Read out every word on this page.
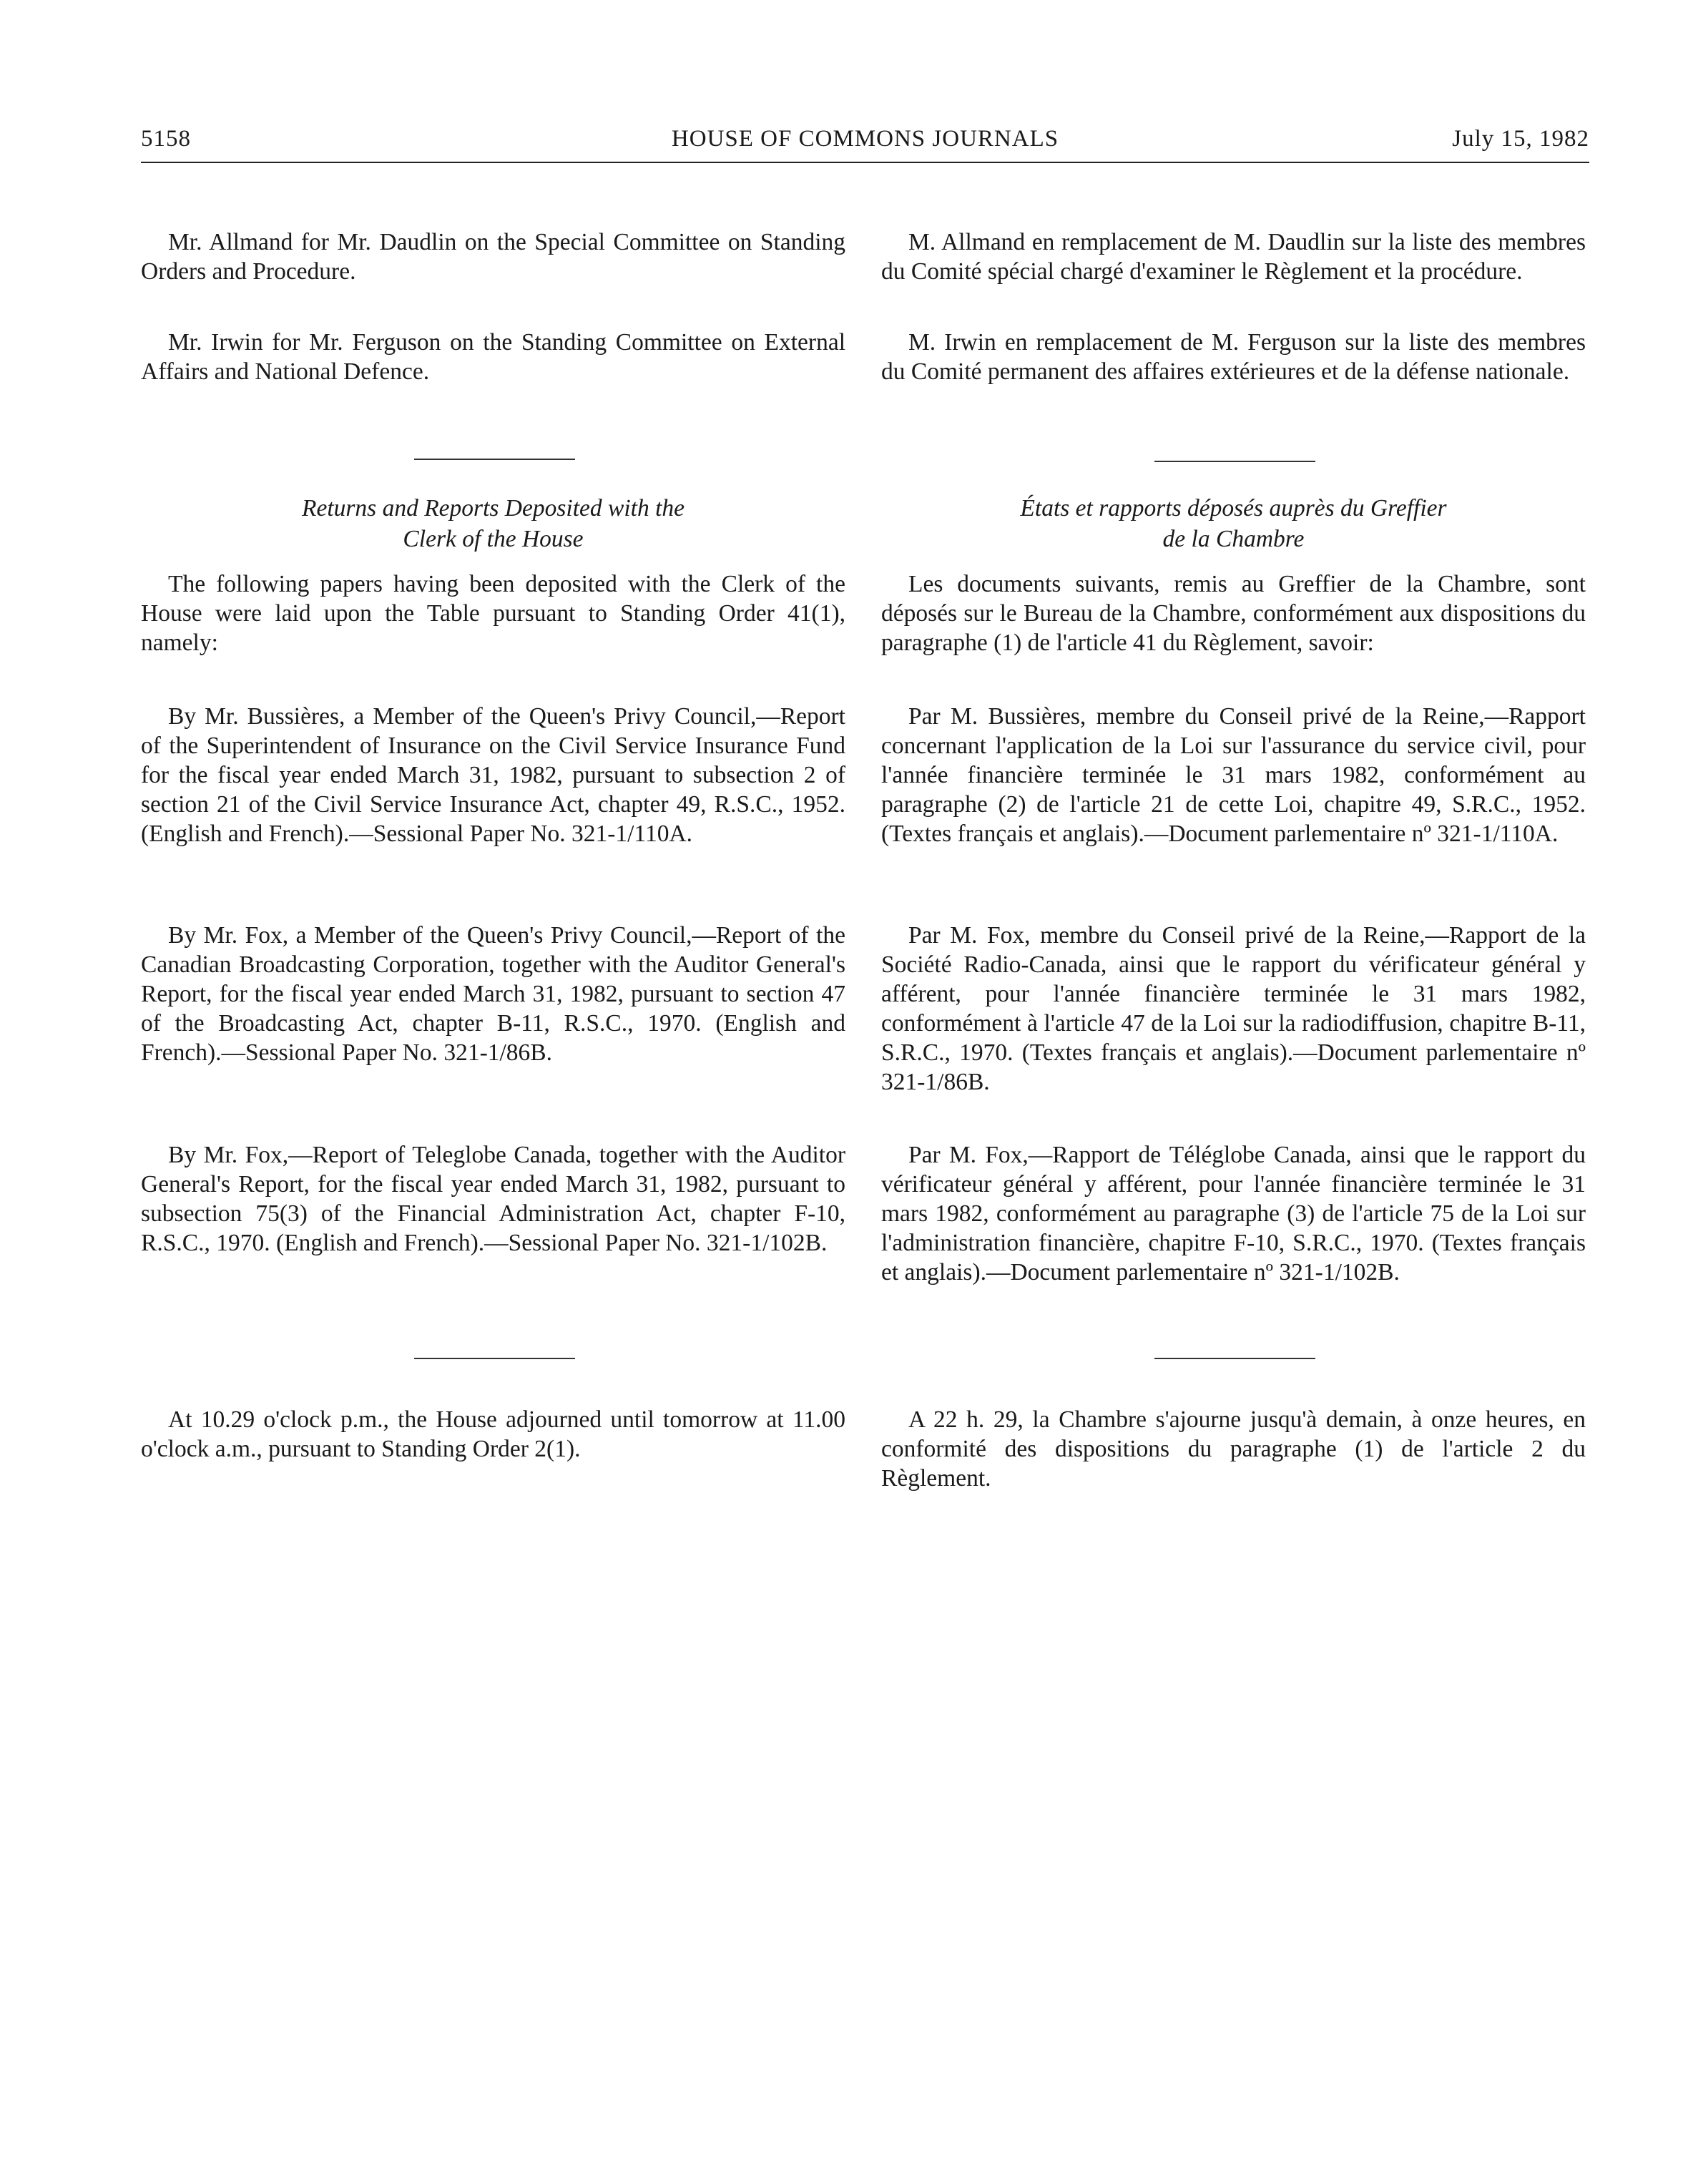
5158	HOUSE OF COMMONS JOURNALS	July 15, 1982

Mr. Allmand for Mr. Daudlin on the Special Committee on Standing Orders and Procedure.

Mr. Irwin for Mr. Ferguson on the Standing Committee on External Affairs and National Defence.

Returns and Reports Deposited with the

Clerk of the House

The following papers having been deposited with the Clerk of the House were laid upon the Table pursuant to Standing Order 41(1), namely:

By Mr. Bussières, a Member of the Queen's Privy Council,—Report of the Superintendent of Insurance on the Civil Service Insurance Fund for the fiscal year ended March 31, 1982, pursuant to subsection 2 of section 21 of the Civil Service Insurance Act, chapter 49, R.S.C., 1952. (English and French).—Sessional Paper No. 321-1/110A.

By Mr. Fox, a Member of the Queen's Privy Council,—Report of the Canadian Broadcasting Corporation, together with the Auditor General's Report, for the fiscal year ended March 31, 1982, pursuant to section 47 of the Broadcasting Act, chapter B-11, R.S.C., 1970. (English and French).—Sessional Paper No. 321-1/86B.

By Mr. Fox,—Report of Teleglobe Canada, together with the Auditor General's Report, for the fiscal year ended March 31, 1982, pursuant to subsection 75(3) of the Financial Administration Act, chapter F-10, R.S.C., 1970. (English and French).—Sessional Paper No. 321-1/102B.

At 10.29 o'clock p.m., the House adjourned until tomorrow at 11.00 o'clock a.m., pursuant to Standing Order 2(1).

M. Allmand en remplacement de M. Daudlin sur la liste des membres du Comité spécial chargé d'examiner le Règlement et la procédure.

M. Irwin en remplacement de M. Ferguson sur la liste des membres du Comité permanent des affaires extérieures et de la défense nationale.

États et rapports déposés auprès du Greffier

de la Chambre

Les documents suivants, remis au Greffier de la Chambre, sont déposés sur le Bureau de la Chambre, conformément aux dispositions du paragraphe (1) de l'article 41 du Règlement, savoir:

Par M. Bussières, membre du Conseil privé de la Reine,—Rapport concernant l'application de la Loi sur l'assurance du service civil, pour l'année financière terminée le 31 mars 1982, conformément au paragraphe (2) de l'article 21 de cette Loi, chapitre 49, S.R.C., 1952. (Textes français et anglais).—Document parlementaire nº 321-1/110A.

Par M. Fox, membre du Conseil privé de la Reine,—Rapport de la Société Radio-Canada, ainsi que le rapport du vérificateur général y afférent, pour l'année financière terminée le 31 mars 1982, conformément à l'article 47 de la Loi sur la radiodiffusion, chapitre B-11, S.R.C., 1970. (Textes français et anglais).—Document parlementaire nº 321-1/86B.

Par M. Fox,—Rapport de Téléglobe Canada, ainsi que le rapport du vérificateur général y afférent, pour l'année financière terminée le 31 mars 1982, conformément au paragraphe (3) de l'article 75 de la Loi sur l'administration financière, chapitre F-10, S.R.C., 1970. (Textes français et anglais).—Document parlementaire nº 321-1/102B.

A 22 h. 29, la Chambre s'ajourne jusqu'à demain, à onze heures, en conformité des dispositions du paragraphe (1) de l'article 2 du Règlement.
